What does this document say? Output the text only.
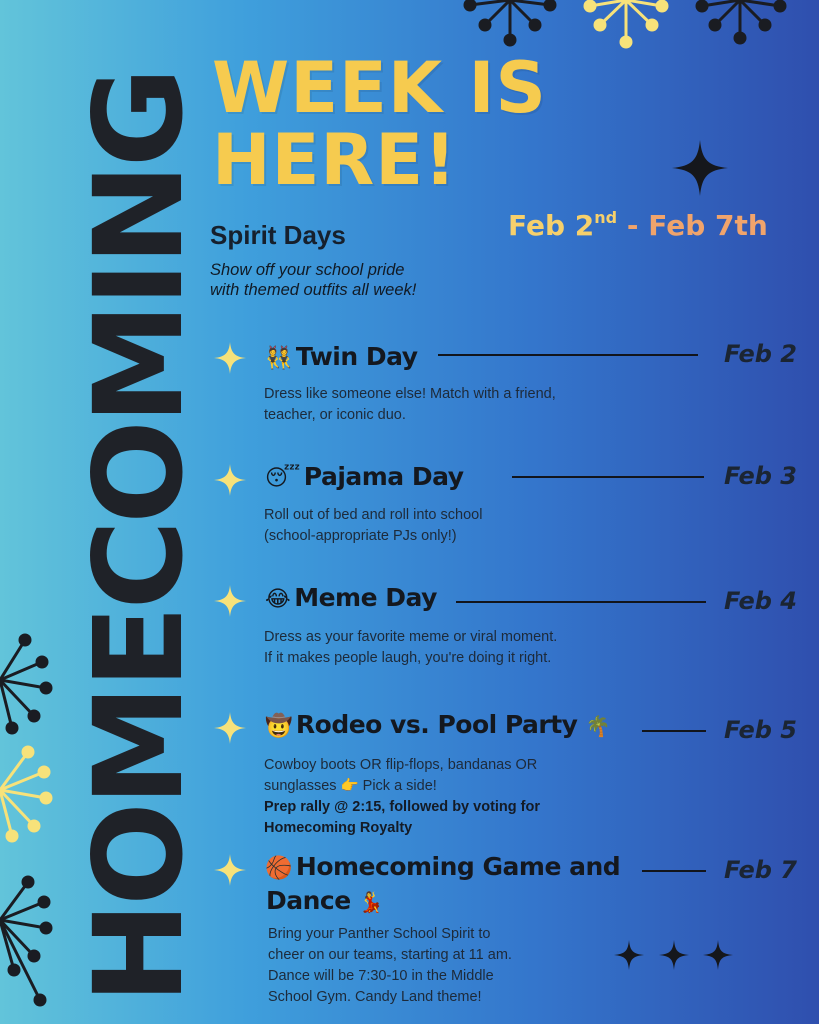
HOMECOMING WEEK IS
HERE!
Feb 2nd - Feb 7th
Spirit Days
Show off your school pride
with themed outfits all week!
👯 Twin Day	Feb 2
Dress like someone else! Match with a friend,
teacher, or iconic duo.
😴 Pajama Day	Feb 3
Roll out of bed and roll into school
(school-appropriate PJs only!)
😂 Meme Day	Feb 4
Dress as your favorite meme or viral moment.
If it makes people laugh, you're doing it right.
🤠 Rodeo vs. Pool Party 🌴	Feb 5
Cowboy boots OR flip-flops, bandanas OR
sunglasses 👉 Pick a side!
Prep rally @ 2:15, followed by voting for
Homecoming Royalty
🏀 Homecoming Game and
Dance 💃
Feb 7
Bring your Panther School Spirit to
cheer on our teams, starting at 11 am.
Dance will be 7:30-10 in the Middle
School Gym. Candy Land theme!
